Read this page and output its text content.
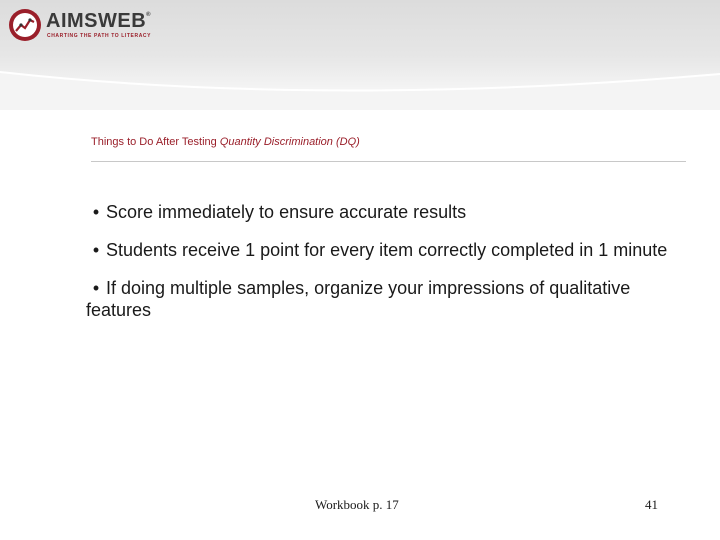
AIMSWEB®
CHARTING THE PATH TO LITERACY
Things to Do After Testing Quantity Discrimination (DQ)
• Score immediately to ensure accurate results
• Students receive 1 point for every item correctly completed in 1 minute
• If doing multiple samples, organize your impressions of qualitative features
Workbook p. 17	41
